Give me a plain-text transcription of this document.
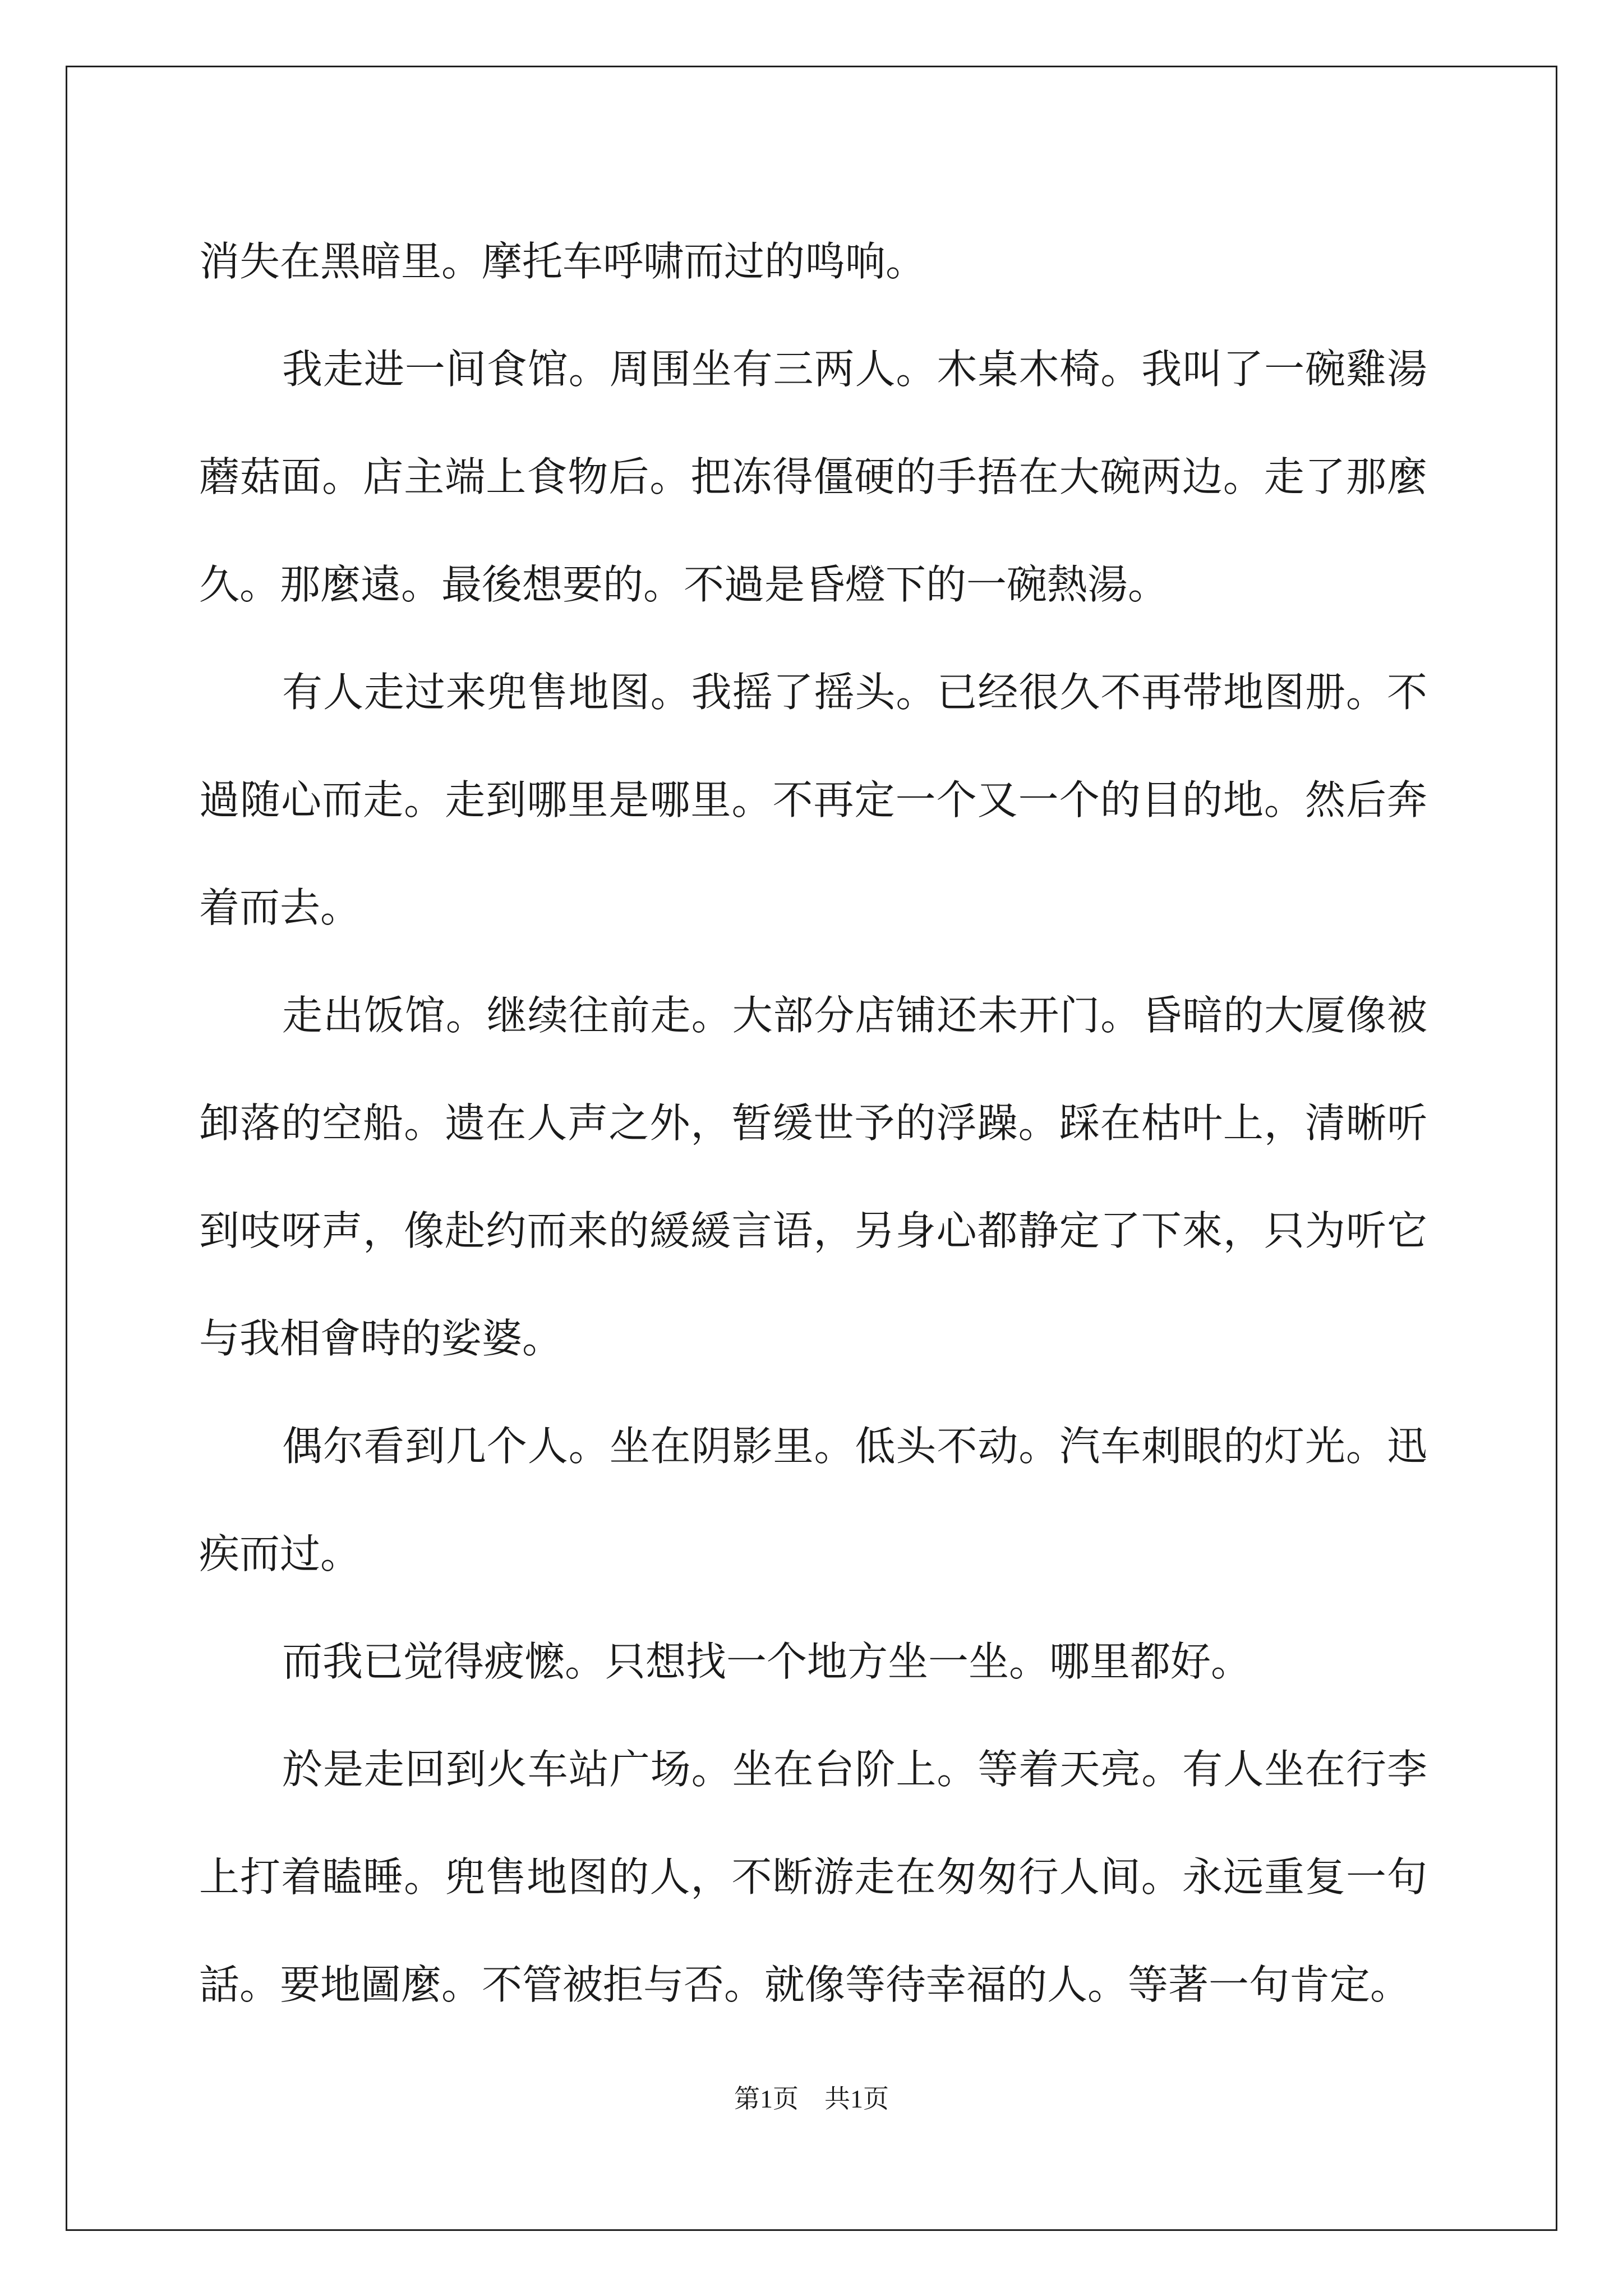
消失在黑暗里。摩托车呼啸而过的鸣响。

我走进一间食馆。周围坐有三两人。木桌木椅。我叫了一碗雞湯蘑菇面。店主端上食物后。把冻得僵硬的手捂在大碗两边。走了那麼久。那麼遠。最後想要的。不過是昏燈下的一碗熱湯。

有人走过来兜售地图。我摇了摇头。已经很久不再带地图册。不過随心而走。走到哪里是哪里。不再定一个又一个的目的地。然后奔着而去。

走出饭馆。继续往前走。大部分店铺还未开门。昏暗的大厦像被卸落的空船。遗在人声之外，暂缓世予的浮躁。踩在枯叶上，清晰听到吱呀声，像赴约而来的緩緩言语，另身心都静定了下來，只为听它与我相會時的娑婆。

偶尔看到几个人。坐在阴影里。低头不动。汽车刺眼的灯光。迅疾而过。

而我已觉得疲懡。只想找一个地方坐一坐。哪里都好。

於是走回到火车站广场。坐在台阶上。等着天亮。有人坐在行李上打着瞌睡。兜售地图的人，不断游走在匆匆行人间。永远重复一句話。要地圖麼。不管被拒与否。就像等待幸福的人。等著一句肯定。

第1页　共1页
